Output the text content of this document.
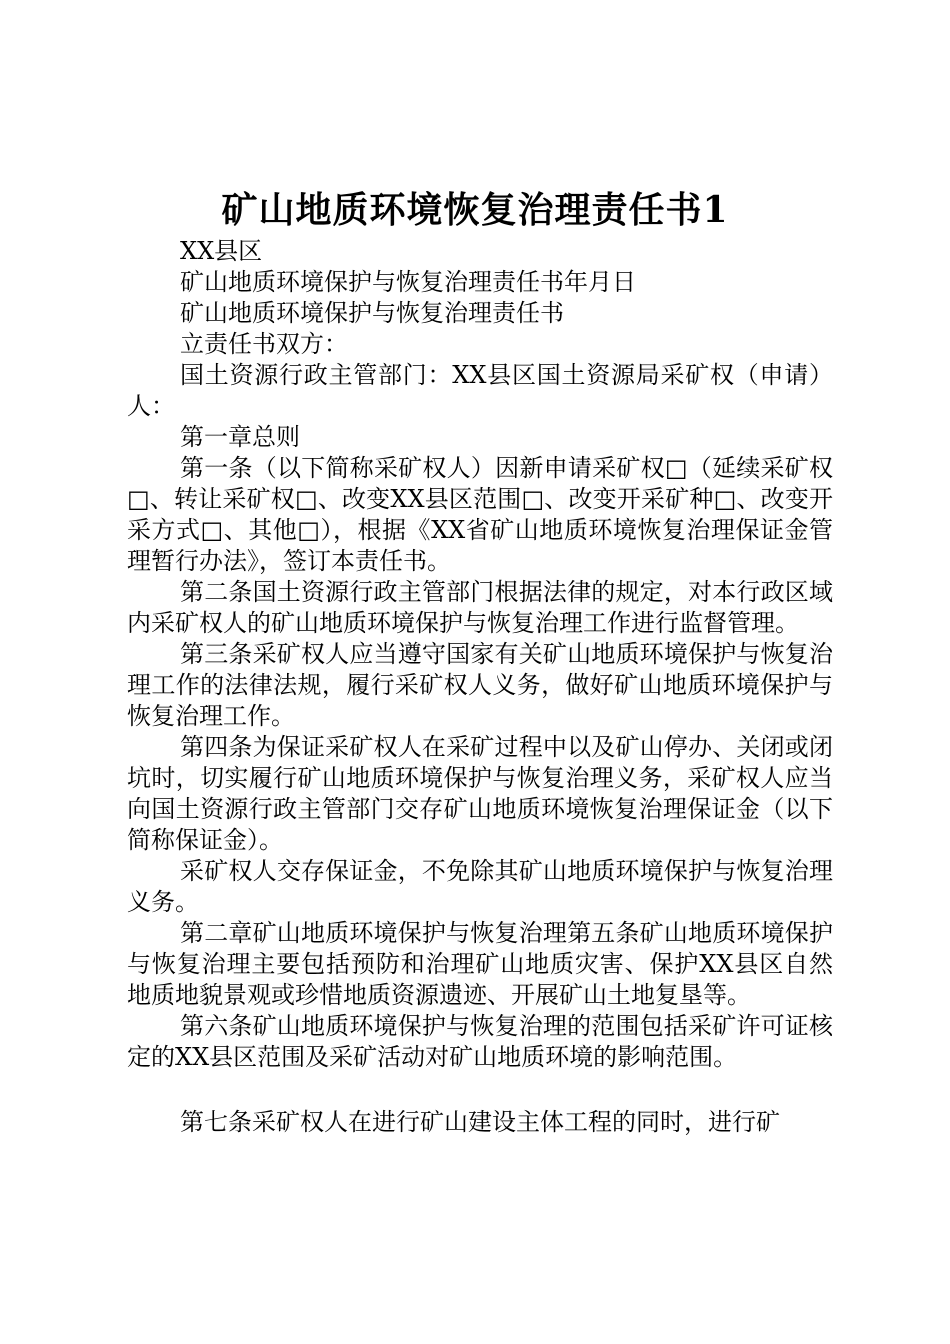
矿山地质环境恢复治理责任书1

XX县区

矿山地质环境保护与恢复治理责任书年月日

矿山地质环境保护与恢复治理责任书

立责任书双方：

国土资源行政主管部门：XX县区国土资源局采矿权（申请）人：

第一章总则

第一条（以下简称采矿权人）因新申请采矿权□（延续采矿权□、转让采矿权□、改变XX县区范围□、改变开采矿种□、改变开采方式□、其他□），根据《XX省矿山地质环境恢复治理保证金管理暂行办法》，签订本责任书。

第二条国土资源行政主管部门根据法律的规定，对本行政区域内采矿权人的矿山地质环境保护与恢复治理工作进行监督管理。

第三条采矿权人应当遵守国家有关矿山地质环境保护与恢复治理工作的法律法规，履行采矿权人义务，做好矿山地质环境保护与恢复治理工作。

第四条为保证采矿权人在采矿过程中以及矿山停办、关闭或闭坑时，切实履行矿山地质环境保护与恢复治理义务，采矿权人应当向国土资源行政主管部门交存矿山地质环境恢复治理保证金（以下简称保证金）。

采矿权人交存保证金，不免除其矿山地质环境保护与恢复治理义务。

第二章矿山地质环境保护与恢复治理第五条矿山地质环境保护与恢复治理主要包括预防和治理矿山地质灾害、保护XX县区自然地质地貌景观或珍惜地质资源遗迹、开展矿山土地复垦等。

第六条矿山地质环境保护与恢复治理的范围包括采矿许可证核定的XX县区范围及采矿活动对矿山地质环境的影响范围。

第七条采矿权人在进行矿山建设主体工程的同时，进行矿
